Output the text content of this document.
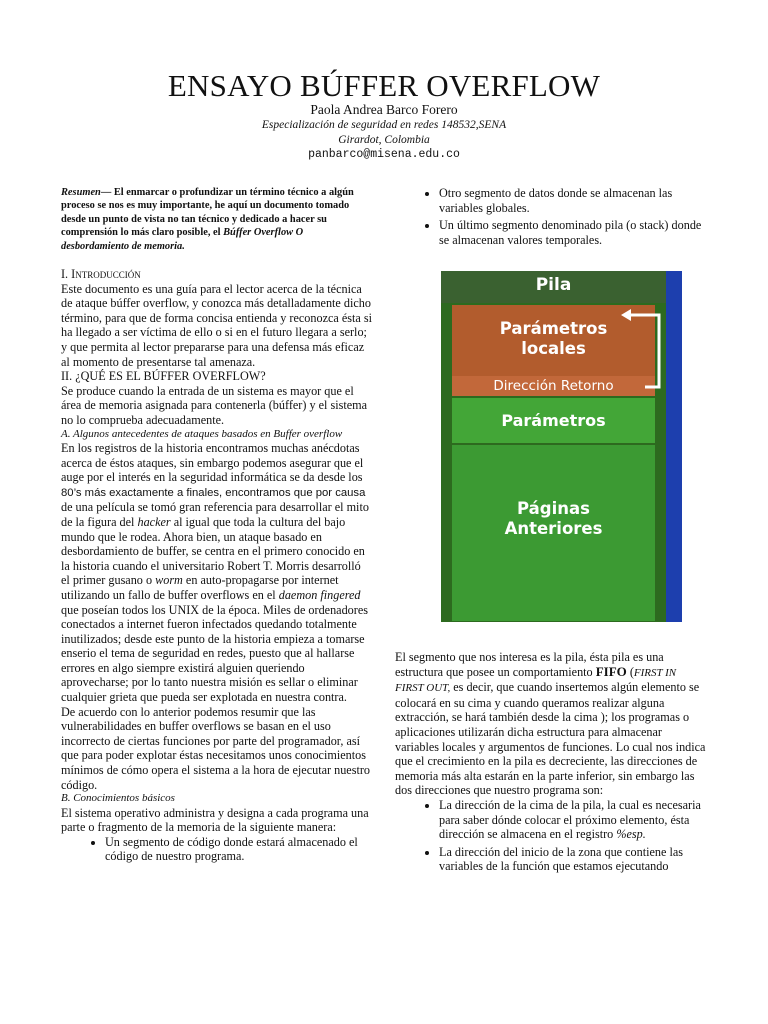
ENSAYO BÚFFER OVERFLOW
Paola Andrea Barco Forero
Especialización de seguridad en redes 148532,SENA
Girardot, Colombia
panbarco@misena.edu.co

Resumen— El enmarcar o profundizar un término técnico a algún proceso se nos es muy importante, he aquí un documento tomado desde un punto de vista no tan técnico y dedicado a hacer su comprensión lo más claro posible, el Búffer Overflow O desbordamiento de memoria.

I. Introducción

Este documento es una guía para el lector acerca de la técnica de ataque búffer overflow, y conozca más detalladamente dicho término, para que de forma concisa entienda y reconozca ésta si ha llegado a ser víctima de ello o si en el futuro llegara a serlo; y que permita al lector prepararse para una defensa más eficaz al momento de presentarse tal amenaza.

II. ¿QUÉ ES EL BÚFFER OVERFLOW?

Se produce cuando la entrada de un sistema es mayor que el área de memoria asignada para contenerla (búffer) y el sistema no lo comprueba adecuadamente.

A. Algunos antecedentes de ataques basados en Buffer overflow

En los registros de la historia encontramos muchas anécdotas acerca de éstos ataques, sin embargo podemos asegurar que el auge por el interés en la seguridad informática se da desde los 80’s más exactamente a finales, encontramos que por causa de una película se tomó gran referencia para desarrollar el mito de la figura del hacker al igual que toda la cultura del bajo mundo que le rodea. Ahora bien, un ataque basado en desbordamiento de buffer, se centra en el primero conocido en la historia cuando el universitario Robert T. Morris desarrolló el primer gusano o worm en auto-propagarse por internet utilizando un fallo de buffer overflows en el daemon fingered que poseían todos los UNIX de la época. Miles de ordenadores conectados a internet fueron infectados quedando totalmente inutilizados; desde este punto de la historia empieza a tomarse enserio el tema de seguridad en redes, puesto que al hallarse errores en algo siempre existirá alguien queriendo aprovecharse; por lo tanto nuestra misión es sellar o eliminar cualquier grieta que pueda ser explotada en nuestra contra.

De acuerdo con lo anterior podemos resumir que las vulnerabilidades en buffer overflows se basan en el uso incorrecto de ciertas funciones por parte del programador, así que para poder explotar éstas necesitamos unos conocimientos mínimos de cómo opera el sistema a la hora de ejecutar nuestro código.

B. Conocimientos básicos

El sistema operativo administra y designa a cada programa una parte o fragmento de la memoria de la siguiente manera:

• Un segmento de código donde estará almacenado el código de nuestro programa.
• Otro segmento de datos donde se almacenan las variables globales.
• Un último segmento denominado pila (o stack) donde se almacenan valores temporales.
Pila
Parámetros locales
Dirección Retorno
Parámetros
Páginas Anteriores

El segmento que nos interesa es la pila, ésta pila es una estructura que posee un comportamiento FIFO (FIRST IN FIRST OUT, es decir, que cuando insertemos algún elemento se colocará en su cima y cuando queramos realizar alguna extracción, se hará también desde la cima ); los programas o aplicaciones utilizarán dicha estructura para almacenar variables locales y argumentos de funciones. Lo cual nos indica que el crecimiento en la pila es decreciente, las direcciones de memoria más alta estarán en la parte inferior, sin embargo las dos direcciones que nuestro programa son:

• La dirección de la cima de la pila, la cual es necesaria para saber dónde colocar el próximo elemento, ésta dirección se almacena en el registro %esp.
• La dirección del inicio de la zona que contiene las variables de la función que estamos ejecutando
